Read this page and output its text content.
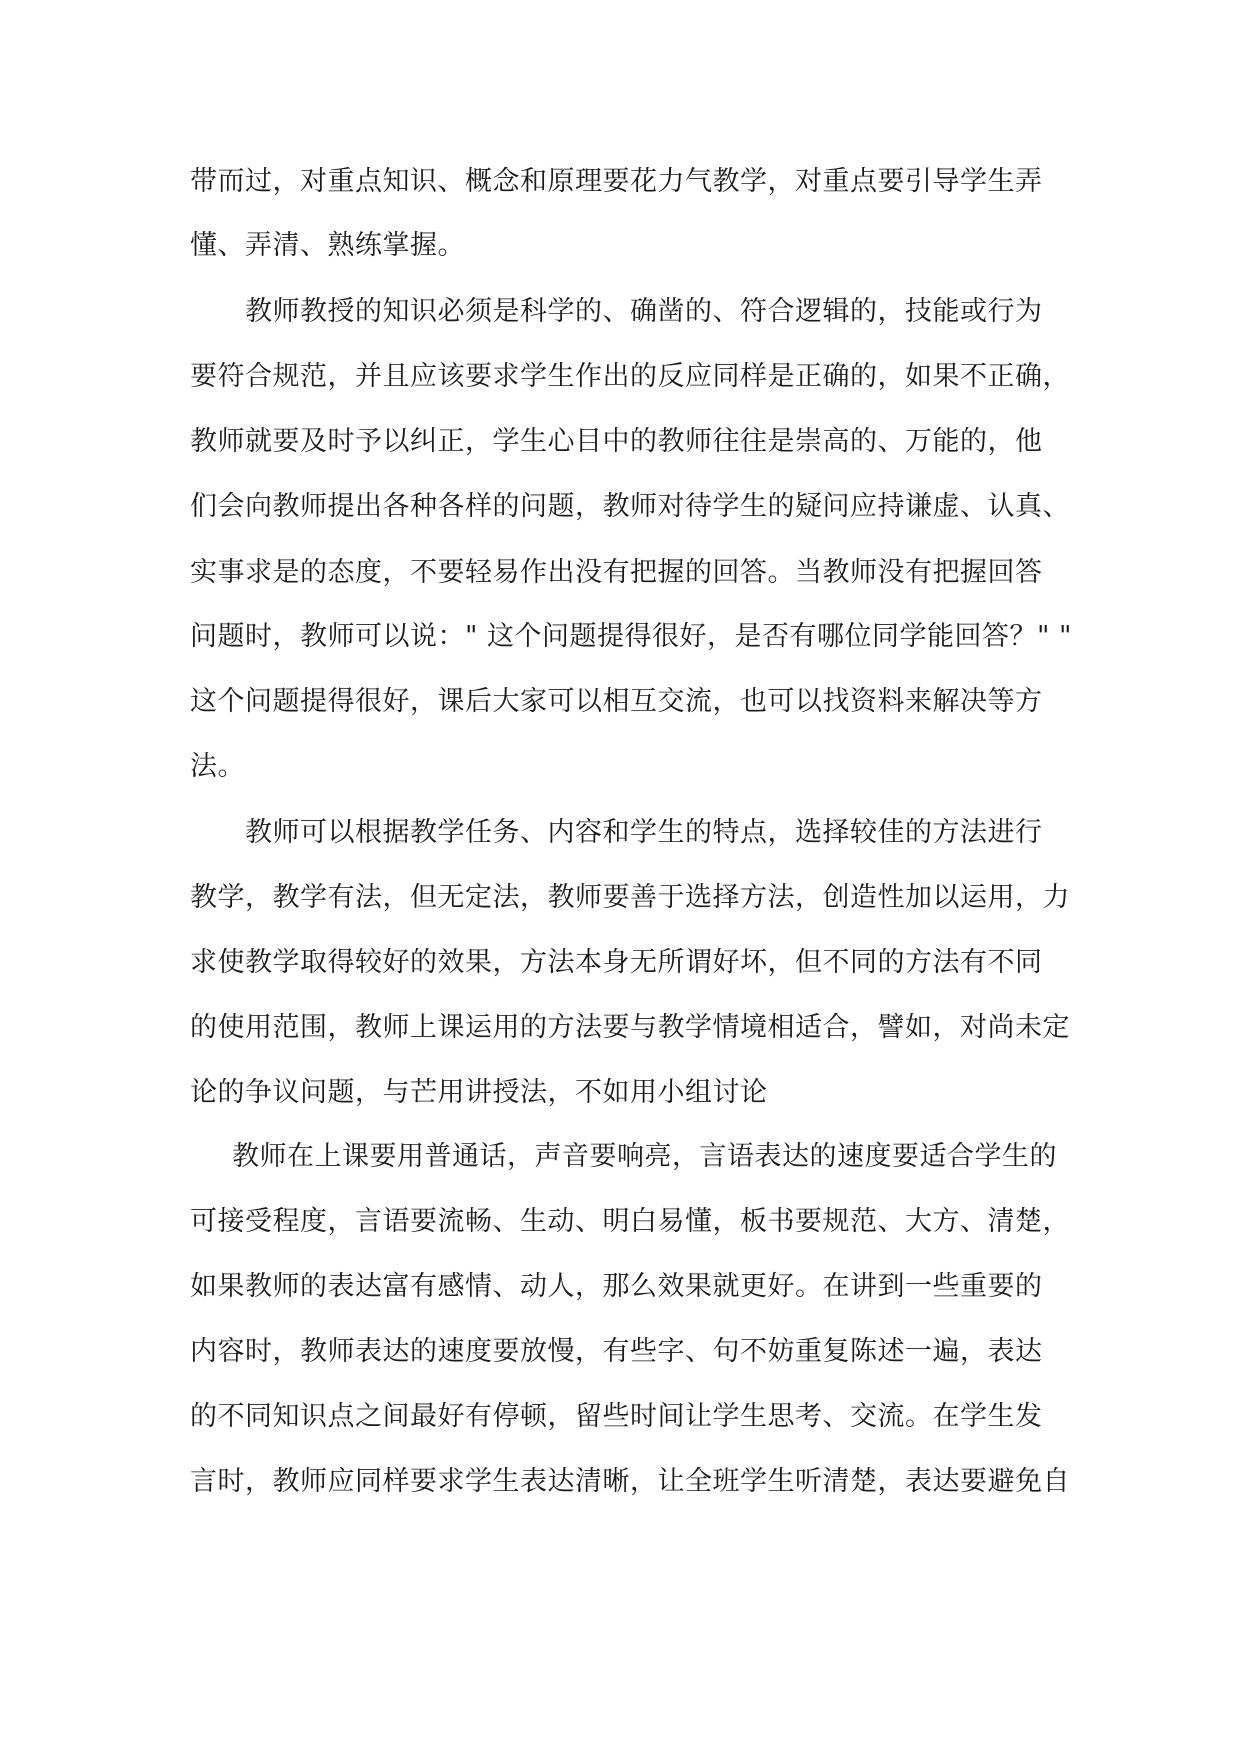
带而过，对重点知识、概念和原理要花力气教学，对重点要引导学生弄
懂、弄清、熟练掌握。
教师教授的知识必须是科学的、确凿的、符合逻辑的，技能或行为
要符合规范，并且应该要求学生作出的反应同样是正确的，如果不正确，
教师就要及时予以纠正，学生心目中的教师往往是崇高的、万能的，他
们会向教师提出各种各样的问题，教师对待学生的疑问应持谦虚、认真、
实事求是的态度，不要轻易作出没有把握的回答。当教师没有把握回答
问题时，教师可以说：" 这个问题提得很好，是否有哪位同学能回答？" "
这个问题提得很好，课后大家可以相互交流，也可以找资料来解决等方
法。
教师可以根据教学任务、内容和学生的特点，选择较佳的方法进行
教学，教学有法，但无定法，教师要善于选择方法，创造性加以运用，力
求使教学取得较好的效果，方法本身无所谓好坏，但不同的方法有不同
的使用范围，教师上课运用的方法要与教学情境相适合，譬如，对尚未定
论的争议问题，与芒用讲授法，不如用小组讨论
教师在上课要用普通话，声音要响亮，言语表达的速度要适合学生的
可接受程度，言语要流畅、生动、明白易懂，板书要规范、大方、清楚，
如果教师的表达富有感情、动人，那么效果就更好。在讲到一些重要的
内容时，教师表达的速度要放慢，有些字、句不妨重复陈述一遍，表达
的不同知识点之间最好有停顿，留些时间让学生思考、交流。在学生发
言时，教师应同样要求学生表达清晰，让全班学生听清楚，表达要避免自
